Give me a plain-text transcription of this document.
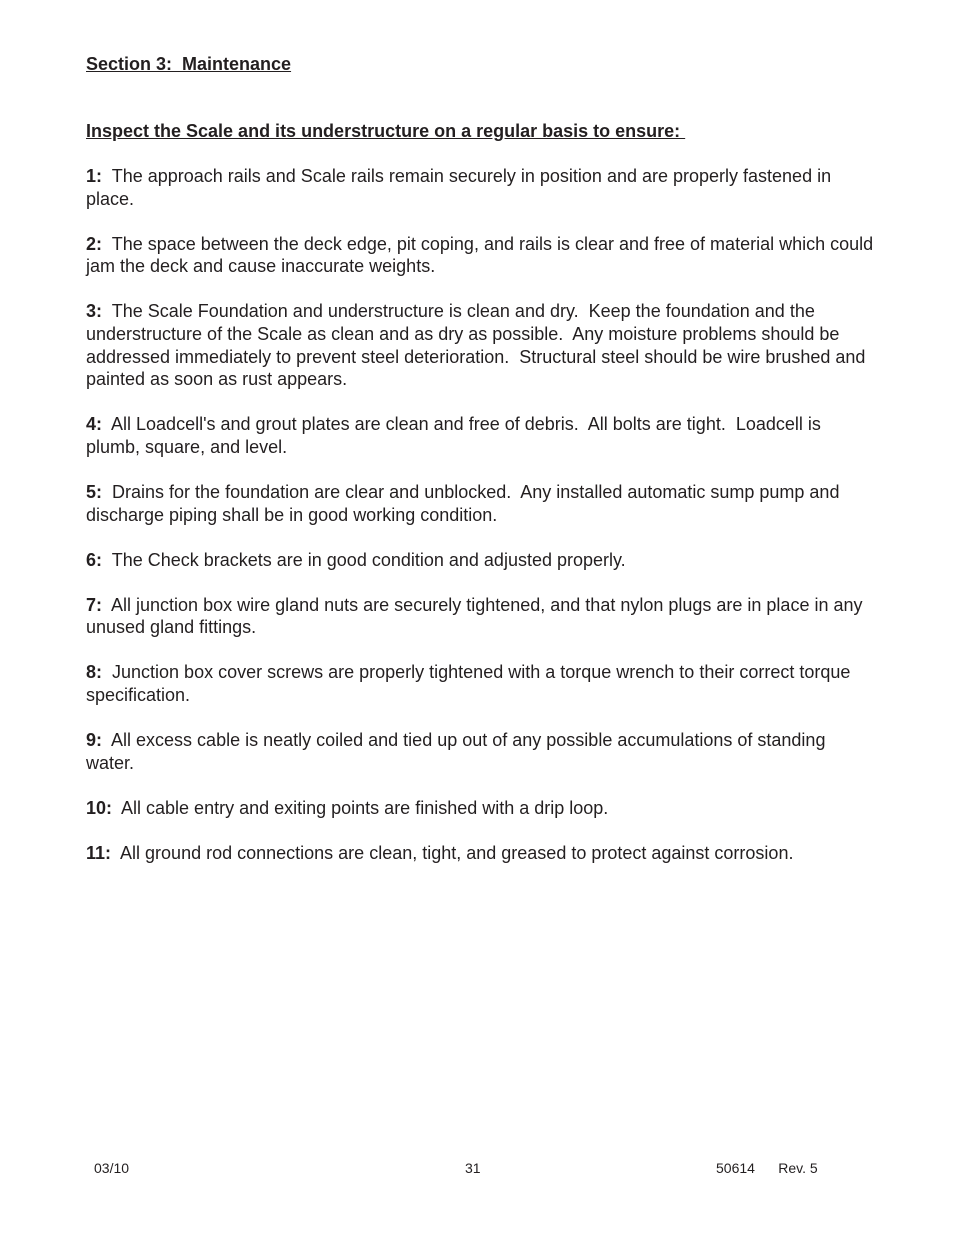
Section 3:  Maintenance
Inspect the Scale and its understructure on a regular basis to ensure:
1:  The approach rails and Scale rails remain securely in position and are properly fastened in place.
2:  The space between the deck edge, pit coping, and rails is clear and free of material which could jam the deck and cause inaccurate weights.
3:  The Scale Foundation and understructure is clean and dry.  Keep the foundation and the understructure of the Scale as clean and as dry as possible.  Any moisture problems should be addressed immediately to prevent steel deterioration.  Structural steel should be wire brushed and painted as soon as rust appears.
4:  All Loadcell's and grout plates are clean and free of debris.  All bolts are tight.  Loadcell is plumb, square, and level.
5:  Drains for the foundation are clear and unblocked.  Any installed automatic sump pump and discharge piping shall be in good working condition.
6:  The Check brackets are in good condition and adjusted properly.
7:  All junction box wire gland nuts are securely tightened, and that nylon plugs are in place in any unused gland fittings.
8:  Junction box cover screws are properly tightened with a torque wrench to their correct torque specification.
9:  All excess cable is neatly coiled and tied up out of any possible accumulations of standing water.
10:  All cable entry and exiting points are finished with a drip loop.
11:  All ground rod connections are clean, tight, and greased to protect against corrosion.
03/10	31	50614      Rev. 5
